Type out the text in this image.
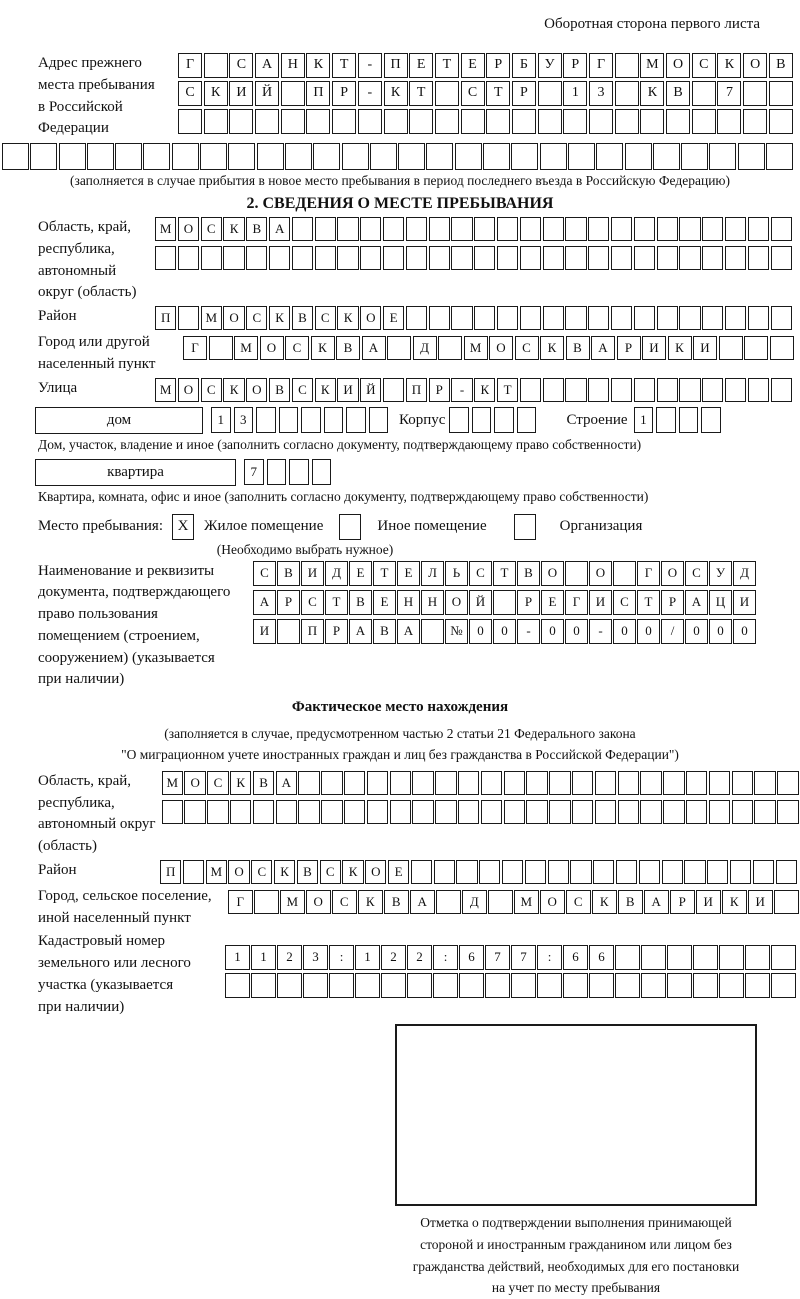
Оборотная сторона первого листа
Адрес прежнего
места пребывания
в Российской
Федерации
Г	С	А	Н	К	Т	-	П	Е	Т	Е	Р	Б	У	Р	Г	М	О	С	К	О	В
С	К	И	Й	П	Р	-	К	Т	С	Т	Р	1	3	К	В	7
(заполняется в случае прибытия в новое место пребывания в период последнего въезда в Российскую Федерацию)
2. СВЕДЕНИЯ О МЕСТЕ ПРЕБЫВАНИЯ
Область, край,
республика,
автономный
округ (область)
М О	С	К	В	А
Район	П	М О	С	К	В	С	К	О	Е
Город или другой
населенный пункт
Г	М	О	С	К	В	А	Д	М	О	С	К	В	А	Р	И	К	И
Улица	М О	С	К	О	В	С	К	И	Й	П	Р	-	К	Т
дом	1	3	Корпус	Строение 1
Дом, участок, владение и иное (заполнить согласно документу, подтверждающему право собственности)
квартира	7
Квартира, комната, офис и иное (заполнить согласно документу, подтверждающему право собственности)
Место пребывания: X	Жилое помещение	Иное помещение	Организация
(Необходимо выбрать нужное)
Наименование и реквизиты
документа, подтверждающего
право пользования
помещением (строением,
сооружением) (указывается
при наличии)
С	В	И	Д	Е	Т	Е	Л	Ь	С	Т	В	О	О	Г	О	С	У	Д
А	Р	С	Т	В	Е	Н	Н	О	Й	Р	Е	Г	И	С	Т	Р	А	Ц	И
И	П	Р	А	В	А	№	0	0	-	0	0	-	0	0	/	0	0	0
Фактическое место нахождения
(заполняется в случае, предусмотренном частью 2 статьи 21 Федерального закона
"О миграционном учете иностранных граждан и лиц без гражданства в Российской Федерации")
Область, край,
республика,
автономный округ
(область)
М О	С	К	В	А
Район	П	М О	С	К	В	С	К	О	Е
Город, сельское поселение,
иной населенный пункт
Г	М	О	С	К	В	А	Д	М	О	С	К	В	А	Р	И	К	И
Кадастровый номер
земельного или лесного
участка (указывается
при наличии)
1	1	2	3	:	1	2	2	:	6	7	7	:	6	6
Отметка о подтверждении выполнения принимающей
стороной и иностранным гражданином или лицом без
гражданства действий, необходимых для его постановки
на учет по месту пребывания
